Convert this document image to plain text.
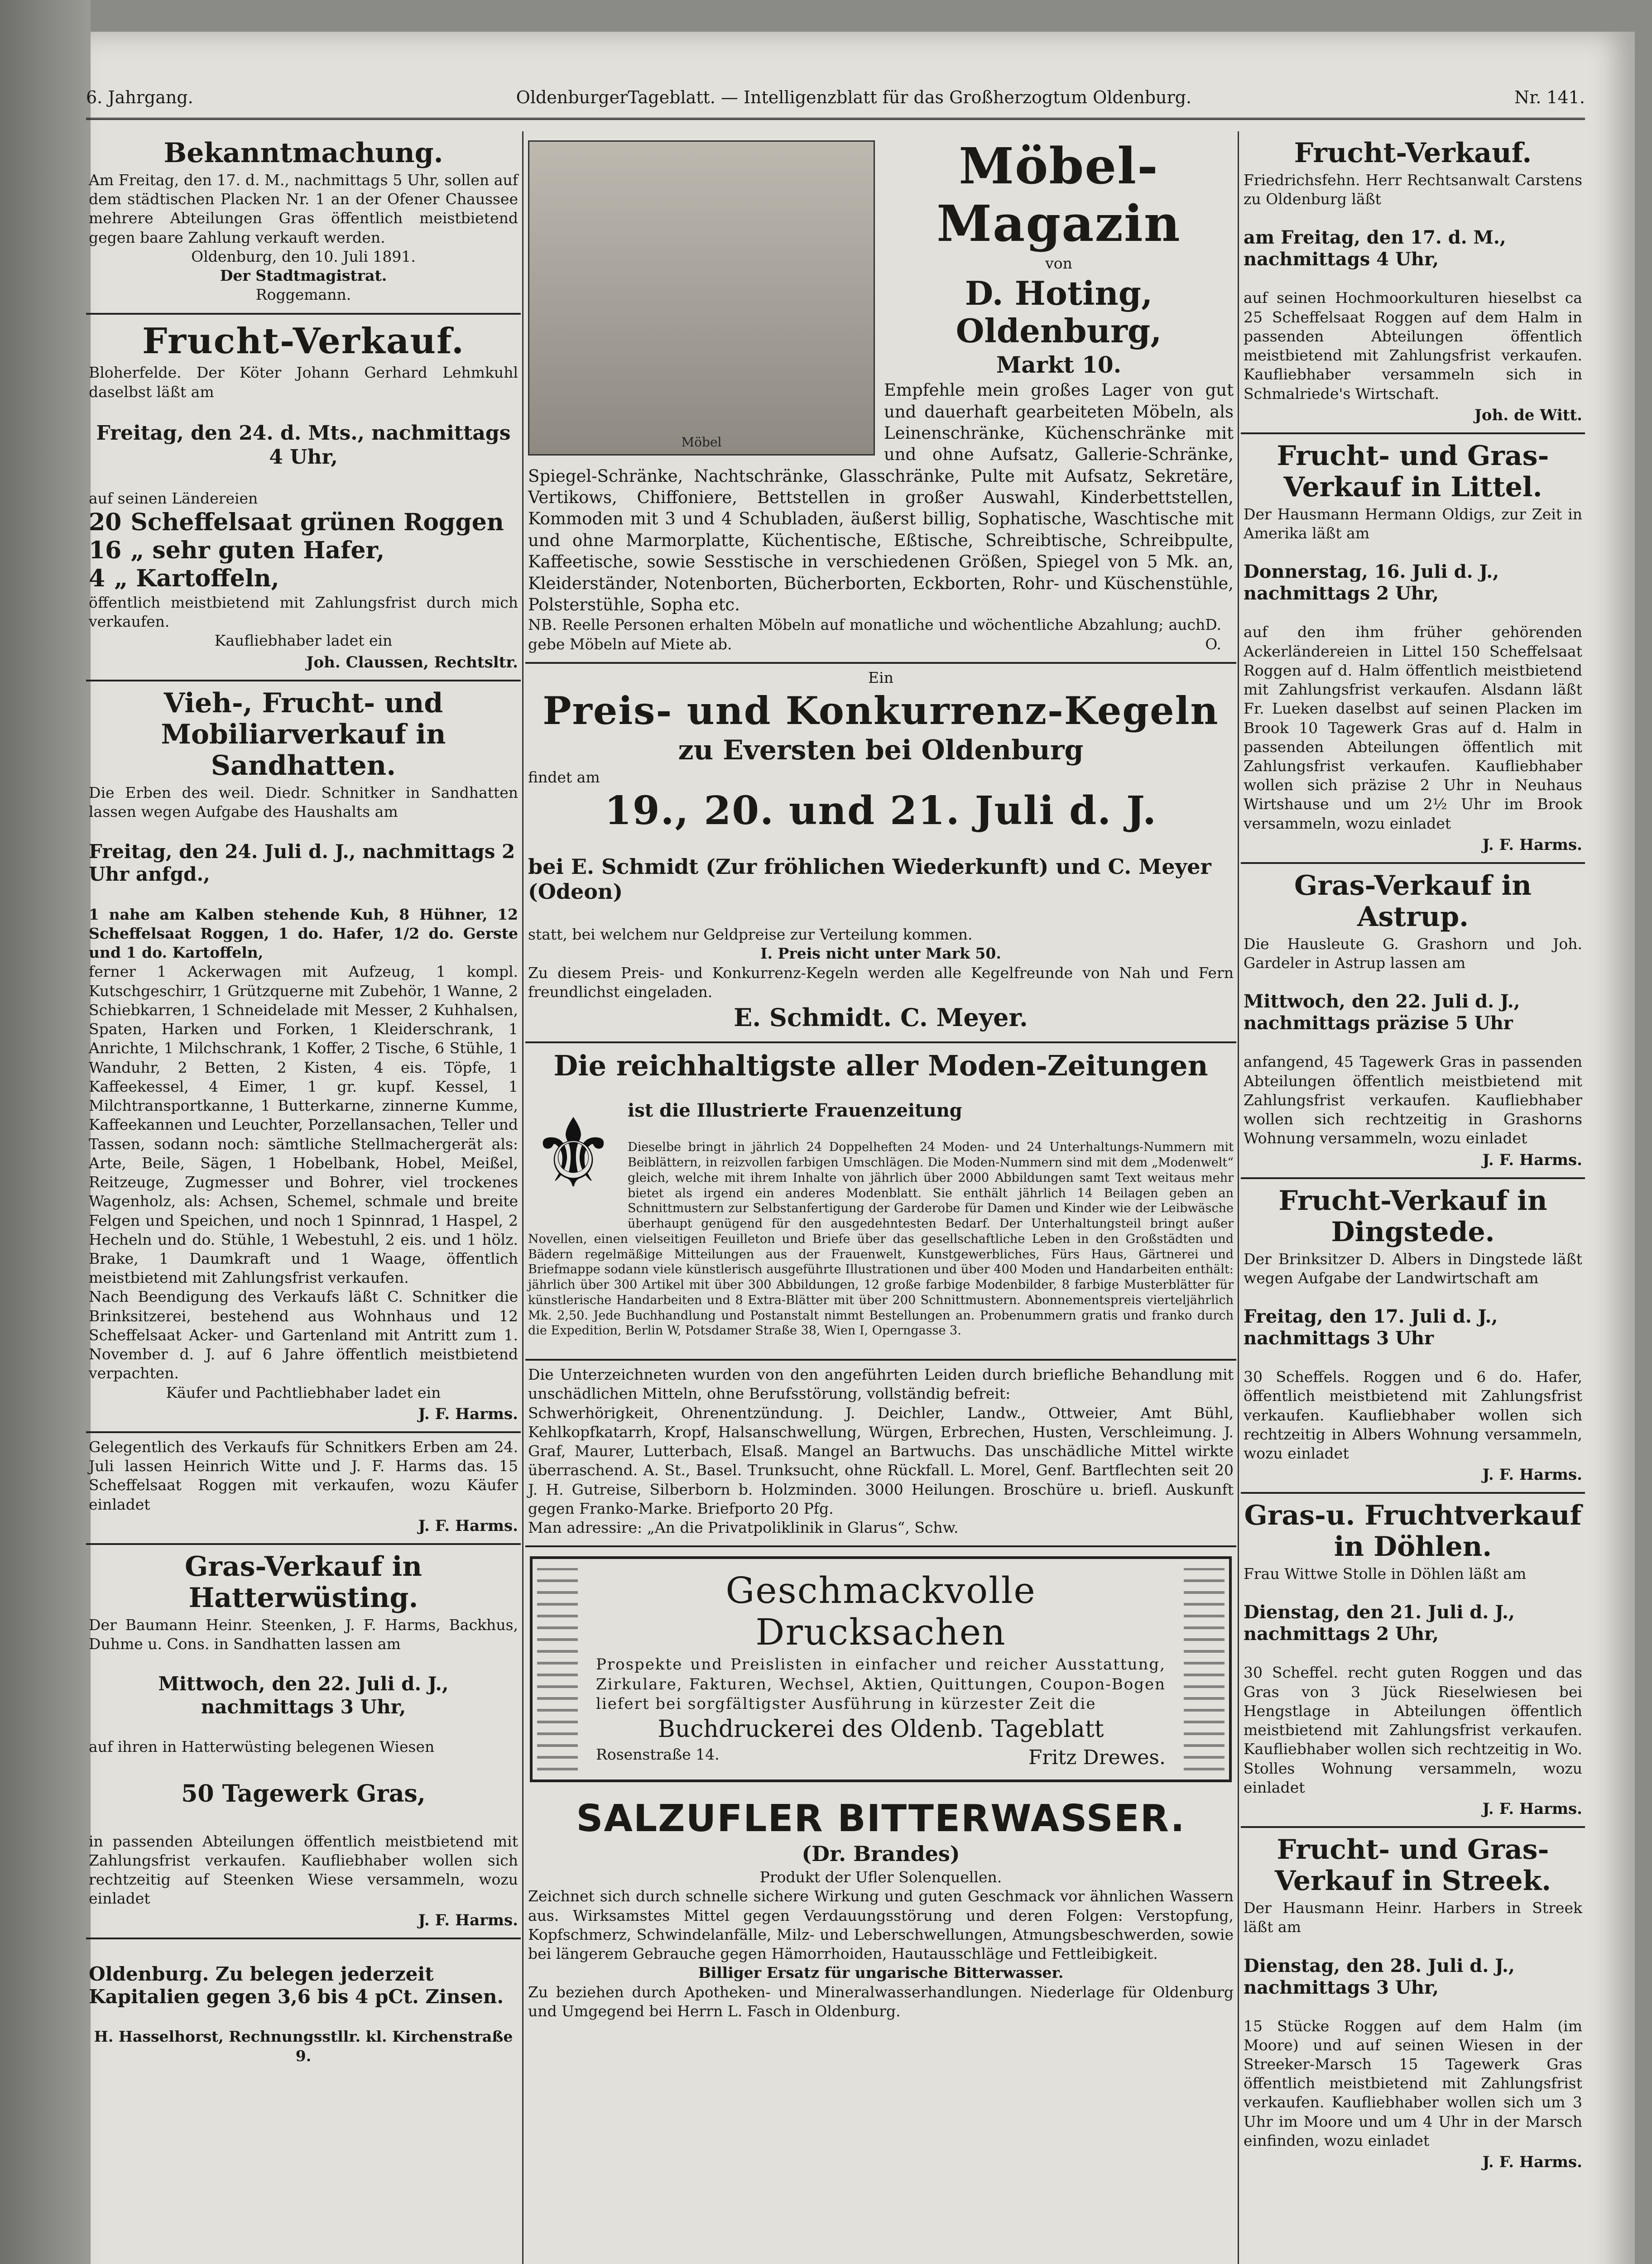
6. Jahrgang.	OldenburgerTageblatt. — Intelligenzblatt für das Großherzogtum Oldenburg.	Nr. 141.
Bekanntmachung.

Am Freitag, den 17. d. M., nachmittags 5 Uhr, sollen auf dem städtischen Placken Nr. 1 an der Ofener Chaussee mehrere Abteilungen Gras öffentlich meistbietend gegen baare Zahlung verkauft werden.

Oldenburg, den 10. Juli 1891.

Der Stadtmagistrat.

Roggemann.

Frucht-Verkauf.

Bloherfelde. Der Köter Johann Gerhard Lehmkuhl daselbst läßt am

Freitag, den 24. d. Mts., nachmittags 4 Uhr,

auf seinen Ländereien

20 Scheffelsaat grünen Roggen
16 „ sehr guten Hafer,
4 „ Kartoffeln,

öffentlich meistbietend mit Zahlungsfrist durch mich verkaufen.

Kaufliebhaber ladet ein

Joh. Claussen, Rechtsltr.
Vieh-, Frucht- und Mobiliarverkauf in Sandhatten.

Die Erben des weil. Diedr. Schnitker in Sandhatten lassen wegen Aufgabe des Haushalts am

Freitag, den 24. Juli d. J., nachmittags 2 Uhr anfgd.,

1 nahe am Kalben stehende Kuh, 8 Hühner, 12 Scheffelsaat Roggen, 1 do. Hafer, 1/2 do. Gerste und 1 do. Kartoffeln,

ferner 1 Ackerwagen mit Aufzeug, 1 kompl. Kutschgeschirr, 1 Grützquerne mit Zubehör, 1 Wanne, 2 Schiebkarren, 1 Schneidelade mit Messer, 2 Kuhhalsen, Spaten, Harken und Forken, 1 Kleiderschrank, 1 Anrichte, 1 Milchschrank, 1 Koffer, 2 Tische, 6 Stühle, 1 Wanduhr, 2 Betten, 2 Kisten, 4 eis. Töpfe, 1 Kaffeekessel, 4 Eimer, 1 gr. kupf. Kessel, 1 Milchtransportkanne, 1 Butterkarne, zinnerne Kumme, Kaffeekannen und Leuchter, Porzellansachen, Teller und Tassen, sodann noch: sämtliche Stellmachergerät als: Arte, Beile, Sägen, 1 Hobelbank, Hobel, Meißel, Reitzeuge, Zugmesser und Bohrer, viel trockenes Wagenholz, als: Achsen, Schemel, schmale und breite Felgen und Speichen, und noch 1 Spinnrad, 1 Haspel, 2 Hecheln und do. Stühle, 1 Webestuhl, 2 eis. und 1 hölz. Brake, 1 Daumkraft und 1 Waage, öffentlich meistbietend mit Zahlungsfrist verkaufen.

Nach Beendigung des Verkaufs läßt C. Schnitker die Brinksitzerei, bestehend aus Wohnhaus und 12 Scheffelsaat Acker- und Gartenland mit Antritt zum 1. November d. J. auf 6 Jahre öffentlich meistbietend verpachten.

Käufer und Pachtliebhaber ladet ein

J. F. Harms.

Gelegentlich des Verkaufs für Schnitkers Erben am 24. Juli lassen Heinrich Witte und J. F. Harms das. 15 Scheffelsaat Roggen mit verkaufen, wozu Käufer einladet

J. F. Harms.
Gras-Verkauf in Hatterwüsting.

Der Baumann Heinr. Steenken, J. F. Harms, Backhus, Duhme u. Cons. in Sandhatten lassen am

Mittwoch, den 22. Juli d. J., nachmittags 3 Uhr,

auf ihren in Hatterwüsting belegenen Wiesen

50 Tagewerk Gras,

in passenden Abteilungen öffentlich meistbietend mit Zahlungsfrist verkaufen. Kaufliebhaber wollen sich rechtzeitig auf Steenken Wiese versammeln, wozu einladet

J. F. Harms.

Oldenburg. Zu belegen jederzeit Kapitalien gegen 3,6 bis 4 pCt. Zinsen.

H. Hasselhorst, Rechnungsstllr. kl. Kirchenstraße 9.

Möbel
Möbel-Magazin

von

D. Hoting, Oldenburg,
Markt 10.

Empfehle mein großes Lager von gut und dauerhaft gearbeiteten Möbeln, als Leinenschränke, Küchenschränke mit und ohne Aufsatz, Gallerie-Schränke, Spiegel-Schränke, Nachtschränke, Glasschränke, Pulte mit Aufsatz, Sekretäre, Vertikows, Chiffoniere, Bettstellen in großer Auswahl, Kinderbettstellen, Kommoden mit 3 und 4 Schubladen, äußerst billig, Sophatische, Waschtische mit und ohne Marmorplatte, Küchentische, Eßtische, Schreibtische, Schreibpulte, Kaffeetische, sowie Sesstische in verschiedenen Größen, Spiegel von 5 Mk. an, Kleiderständer, Notenborten, Bücherborten, Eckborten, Rohr- und Küschenstühle, Polsterstühle, Sopha etc.

NB. Reelle Personen erhalten Möbeln auf monatliche und wöchentliche Abzahlung; auch gebe Möbeln auf Miete ab.

D. O.

Ein

Preis- und Konkurrenz-Kegeln
zu Eversten bei Oldenburg

findet am

19., 20. und 21. Juli d. J.

bei E. Schmidt (Zur fröhlichen Wiederkunft) und C. Meyer (Odeon)

statt, bei welchem nur Geldpreise zur Verteilung kommen.

I. Preis nicht unter Mark 50.

Zu diesem Preis- und Konkurrenz-Kegeln werden alle Kegelfreunde von Nah und Fern freundlichst eingeladen.

E. Schmidt. C. Meyer.
Die reichhaltigste aller Moden-Zeitungen
⚜ ist die Illustrierte Frauenzeitung

Dieselbe bringt in jährlich 24 Doppelheften 24 Moden- und 24 Unterhaltungs-Nummern mit Beiblättern, in reizvollen farbigen Umschlägen. Die Moden-Nummern sind mit dem „Modenwelt“ gleich, welche mit ihrem Inhalte von jährlich über 2000 Abbildungen samt Text weitaus mehr bietet als irgend ein anderes Modenblatt. Sie enthält jährlich 14 Beilagen geben an Schnittmustern zur Selbstanfertigung der Garderobe für Damen und Kinder wie der Leibwäsche überhaupt genügend für den ausgedehntesten Bedarf. Der Unterhaltungsteil bringt außer Novellen, einen vielseitigen Feuilleton und Briefe über das gesellschaftliche Leben in den Großstädten und Bädern regelmäßige Mitteilungen aus der Frauenwelt, Kunstgewerbliches, Fürs Haus, Gärtnerei und Briefmappe sodann viele künstlerisch ausgeführte Illustrationen und über 400 Moden und Handarbeiten enthält: jährlich über 300 Artikel mit über 300 Abbildungen, 12 große farbige Modenbilder, 8 farbige Musterblätter für künstlerische Handarbeiten und 8 Extra-Blätter mit über 200 Schnittmustern. Abonnementspreis vierteljährlich Mk. 2,50. Jede Buchhandlung und Postanstalt nimmt Bestellungen an. Probenummern gratis und franko durch die Expedition, Berlin W, Potsdamer Straße 38, Wien I, Operngasse 3.

Die Unterzeichneten wurden von den angeführten Leiden durch briefliche Behandlung mit unschädlichen Mitteln, ohne Berufsstörung, vollständig befreit:

Schwerhörigkeit, Ohrenentzündung. J. Deichler, Landw., Ottweier, Amt Bühl, Kehlkopfkatarrh, Kropf, Halsanschwellung, Würgen, Erbrechen, Husten, Verschleimung. J. Graf, Maurer, Lutterbach, Elsaß. Mangel an Bartwuchs. Das unschädliche Mittel wirkte überraschend. A. St., Basel. Trunksucht, ohne Rückfall. L. Morel, Genf. Bartflechten seit 20 J. H. Gutreise, Silberborn b. Holzminden. 3000 Heilungen. Broschüre u. briefl. Auskunft gegen Franko-Marke. Briefporto 20 Pfg.

Man adressire: „An die Privatpoliklinik in Glarus“, Schw.

Geschmackvolle Drucksachen

Prospekte und Preislisten in einfacher und reicher Ausstattung, Zirkulare, Fakturen, Wechsel, Aktien, Quittungen, Coupon-Bogen liefert bei sorgfältigster Ausführung in kürzester Zeit die

Buchdruckerei des Oldenb. Tageblatt
Rosenstraße 14.	Fritz Drewes.
SALZUFLER BITTERWASSER.
(Dr. Brandes)

Produkt der Ufler Solenquellen.

Zeichnet sich durch schnelle sichere Wirkung und guten Geschmack vor ähnlichen Wassern aus. Wirksamstes Mittel gegen Verdauungsstörung und deren Folgen: Verstopfung, Kopfschmerz, Schwindelanfälle, Milz- und Leberschwellungen, Atmungsbeschwerden, sowie bei längerem Gebrauche gegen Hämorrhoiden, Hautausschläge und Fettleibigkeit.

Billiger Ersatz für ungarische Bitterwasser.

Zu beziehen durch Apotheken- und Mineralwasserhandlungen. Niederlage für Oldenburg und Umgegend bei Herrn L. Fasch in Oldenburg.

Frucht-Verkauf.

Friedrichsfehn. Herr Rechtsanwalt Carstens zu Oldenburg läßt

am Freitag, den 17. d. M., nachmittags 4 Uhr,

auf seinen Hochmoorkulturen hieselbst ca 25 Scheffelsaat Roggen auf dem Halm in passenden Abteilungen öffentlich meistbietend mit Zahlungsfrist verkaufen. Kaufliebhaber versammeln sich in Schmalriede's Wirtschaft.

Joh. de Witt.
Frucht- und Gras-Verkauf in Littel.

Der Hausmann Hermann Oldigs, zur Zeit in Amerika läßt am

Donnerstag, 16. Juli d. J., nachmittags 2 Uhr,

auf den ihm früher gehörenden Ackerländereien in Littel 150 Scheffelsaat Roggen auf d. Halm öffentlich meistbietend mit Zahlungsfrist verkaufen. Alsdann läßt Fr. Lueken daselbst auf seinen Placken im Brook 10 Tagewerk Gras auf d. Halm in passenden Abteilungen öffentlich mit Zahlungsfrist verkaufen. Kaufliebhaber wollen sich präzise 2 Uhr in Neuhaus Wirtshause und um 2½ Uhr im Brook versammeln, wozu einladet

J. F. Harms.
Gras-Verkauf in Astrup.

Die Hausleute G. Grashorn und Joh. Gardeler in Astrup lassen am

Mittwoch, den 22. Juli d. J., nachmittags präzise 5 Uhr

anfangend, 45 Tagewerk Gras in passenden Abteilungen öffentlich meistbietend mit Zahlungsfrist verkaufen. Kaufliebhaber wollen sich rechtzeitig in Grashorns Wohnung versammeln, wozu einladet

J. F. Harms.
Frucht-Verkauf in Dingstede.

Der Brinksitzer D. Albers in Dingstede läßt wegen Aufgabe der Landwirtschaft am

Freitag, den 17. Juli d. J., nachmittags 3 Uhr

30 Scheffels. Roggen und 6 do. Hafer, öffentlich meistbietend mit Zahlungsfrist verkaufen. Kaufliebhaber wollen sich rechtzeitig in Albers Wohnung versammeln, wozu einladet

J. F. Harms.
Gras-u. Fruchtverkauf in Döhlen.

Frau Wittwe Stolle in Döhlen läßt am

Dienstag, den 21. Juli d. J., nachmittags 2 Uhr,

30 Scheffel. recht guten Roggen und das Gras von 3 Jück Rieselwiesen bei Hengstlage in Abteilungen öffentlich meistbietend mit Zahlungsfrist verkaufen. Kaufliebhaber wollen sich rechtzeitig in Wo. Stolles Wohnung versammeln, wozu einladet

J. F. Harms.
Frucht- und Gras-Verkauf in Streek.

Der Hausmann Heinr. Harbers in Streek läßt am

Dienstag, den 28. Juli d. J., nachmittags 3 Uhr,

15 Stücke Roggen auf dem Halm (im Moore) und auf seinen Wiesen in der Streeker-Marsch 15 Tagewerk Gras öffentlich meistbietend mit Zahlungsfrist verkaufen. Kaufliebhaber wollen sich um 3 Uhr im Moore und um 4 Uhr in der Marsch einfinden, wozu einladet

J. F. Harms.
